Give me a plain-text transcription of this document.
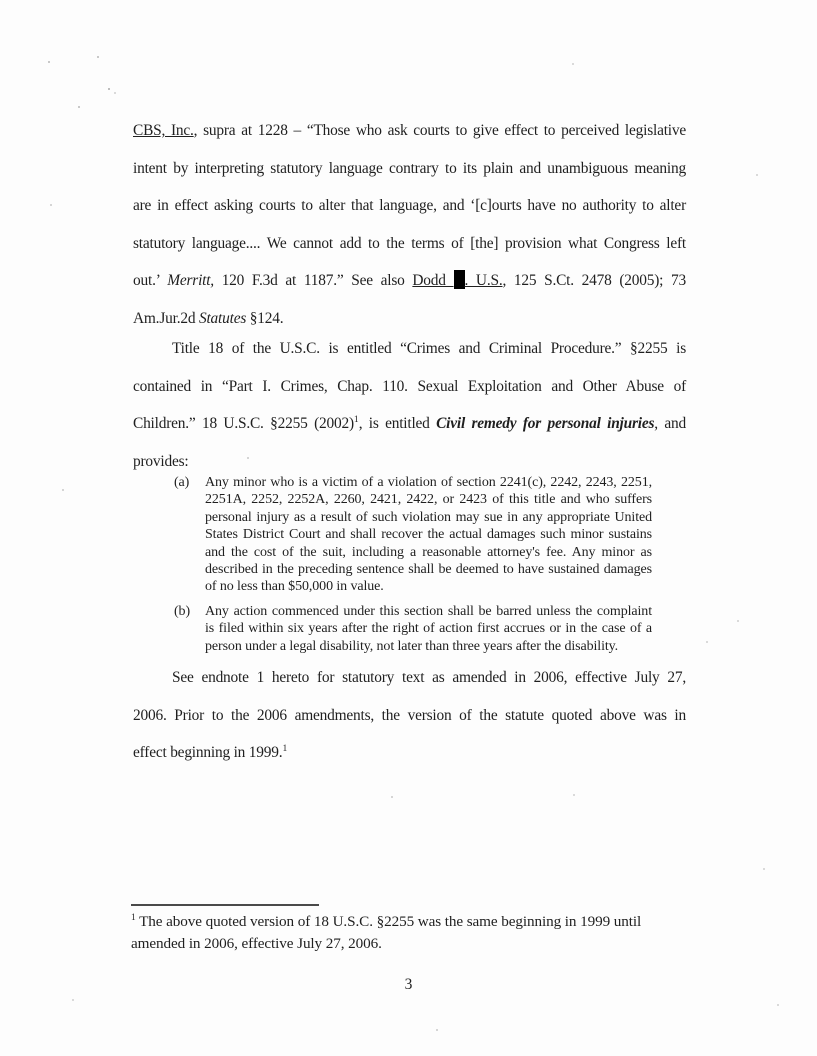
CBS, Inc., supra at 1228 – “Those who ask courts to give effect to perceived legislative
intent by interpreting statutory language contrary to its plain and unambiguous meaning
are in effect asking courts to alter that language, and ‘[c]ourts have no authority to alter
statutory language.... We cannot add to the terms of [the] provision what Congress left
out.’ Merritt, 120 F.3d at 1187.” See also Dodd . U.S., 125 S.Ct. 2478 (2005); 73
Am.Jur.2d Statutes §124.
Title 18 of the U.S.C. is entitled “Crimes and Criminal Procedure.” §2255 is
contained in “Part I. Crimes, Chap. 110. Sexual Exploitation and Other Abuse of
Children.” 18 U.S.C. §2255 $(2002)^1$, is entitled Civil remedy for personal injuries, and
provides:
(a) Any minor who is a victim of a violation of section 2241(c), 2242, 2243, 2251,
2251A, 2252, 2252A, 2260, 2421, 2422, or 2423 of this title and who suffers
personal injury as a result of such violation may sue in any appropriate United
States District Court and shall recover the actual damages such minor sustains
and the cost of the suit, including a reasonable attorney's fee. Any minor as
described in the preceding sentence shall be deemed to have sustained damages
of no less than $50,000 in value.
(b) Any action commenced under this section shall be barred unless the complaint
is filed within six years after the right of action first accrues or in the case of a
person under a legal disability, not later than three years after the disability.
See endnote 1 hereto for statutory text as amended in 2006, effective July 27,
2006. Prior to the 2006 amendments, the version of the statute quoted above was in
effect beginning in 1999.$^1$
$^1$ The above quoted version of 18 U.S.C. §2255 was the same beginning in 1999 until
amended in 2006, effective July 27, 2006.
3
